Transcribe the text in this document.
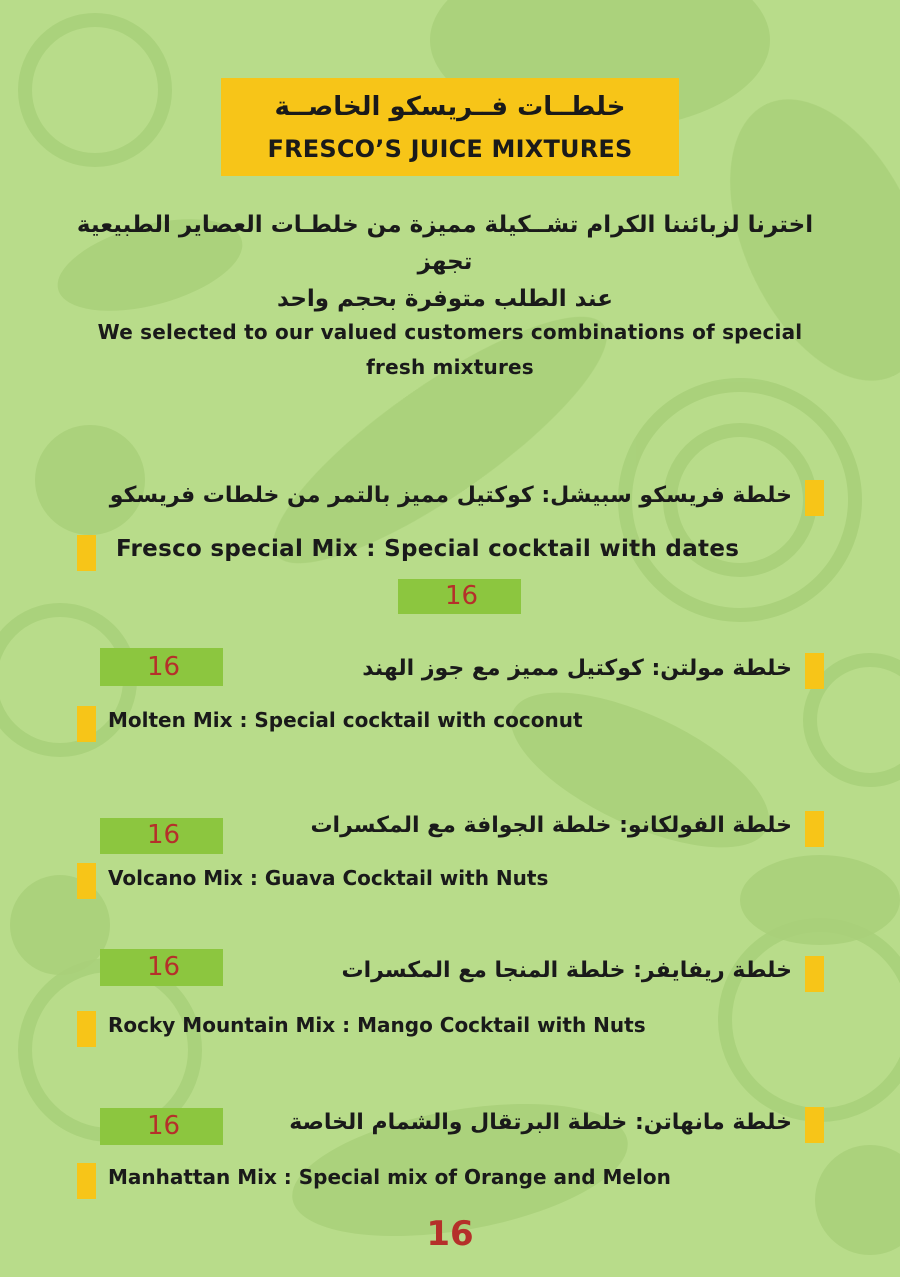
خلطــات فــريسكو الخاصــة
FRESCO’S JUICE MIXTURES
اخترنا لزبائننا الكرام تشــكيلة مميزة من خلطـات العصاير الطبيعية تجهز
عند الطلب متوفرة بحجم واحد
We selected to our valued customers combinations of special
fresh mixtures
خلطة فريسكو سبيشل: كوكتيل مميز بالتمر من خلطات فريسكو
Fresco special Mix : Special cocktail with dates
16
16	خلطة مولتن: كوكتيل مميز مع جوز الهند
Molten Mix : Special cocktail with coconut
خلطة الفولكانو: خلطة الجوافة مع المكسرات
16
Volcano Mix : Guava Cocktail with Nuts
16	خلطة ريفايفر: خلطة المنجا مع المكسرات
Rocky Mountain Mix : Mango Cocktail with Nuts
16	خلطة مانهاتن: خلطة البرتقال والشمام الخاصة
Manhattan Mix : Special mix of Orange and Melon
16
